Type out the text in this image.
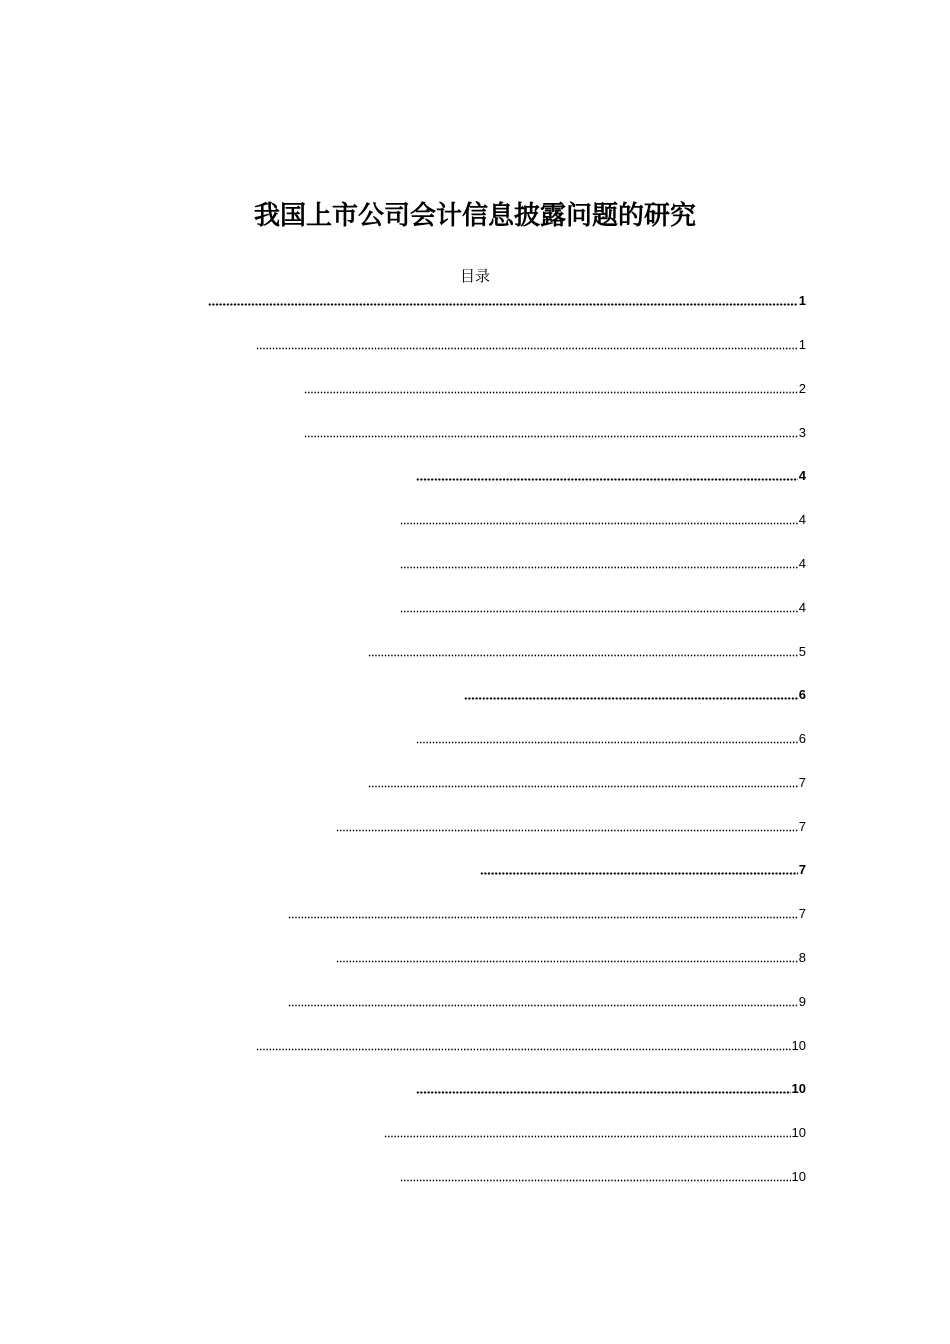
我国上市公司会计信息披露问题的研究
目录
1
1
2
3
4
4
4
4
5
6
6
7
7
7
7
8
9
10
10
10
10
